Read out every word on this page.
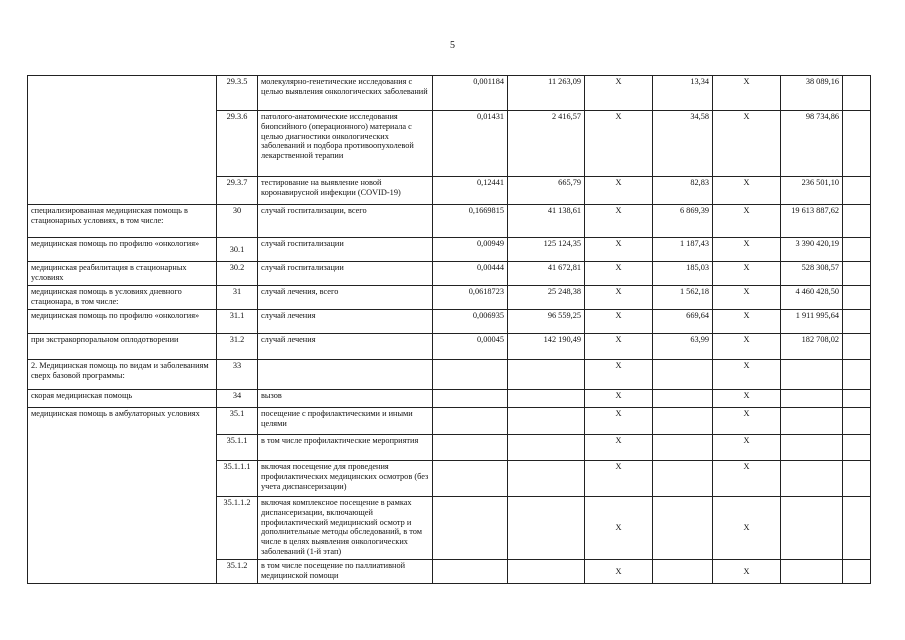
5
	29.3.5	молекулярно-генетические исследования с целью выявления онкологических заболеваний	0,001184	11 263,09	Х	13,34	Х	38 089,16	
	29.3.6	патолого-анатомические исследования биопсийного (операционного) материала с целью диагностики онкологических заболеваний и подбора противоопухолевой лекарственной терапии	0,01431	2 416,57	Х	34,58	Х	98 734,86	
	29.3.7	тестирование на выявление новой коронавирусной инфекции (COVID-19)	0,12441	665,79	Х	82,83	Х	236 501,10	
специализированная медицинская помощь в стационарных условиях, в том числе:	30	случай госпитализации, всего	0,1669815	41 138,61	Х	6 869,39	Х	19 613 887,62	
медицинская помощь по профилю «онкология»	30.1	случай госпитализации	0,00949	125 124,35	Х	1 187,43	Х	3 390 420,19	
медицинская реабилитация в стационарных условиях	30.2	случай госпитализации	0,00444	41 672,81	Х	185,03	Х	528 308,57	
медицинская помощь в условиях дневного стационара, в том числе:	31	случай лечения, всего	0,0618723	25 248,38	Х	1 562,18	Х	4 460 428,50	
медицинская помощь по профилю «онкология»	31.1	случай лечения	0,006935	96 559,25	Х	669,64	Х	1 911 995,64	
при экстракорпоральном оплодотворении	31.2	случай лечения	0,00045	142 190,49	Х	63,99	Х	182 708,02	
2. Медицинская помощь по видам и заболеваниям сверх базовой программы:	33				Х		Х		
скорая медицинская помощь	34	вызов			Х		Х		
медицинская помощь в амбулаторных условиях	35.1	посещение с профилактическими и иными целями			Х		Х		
	35.1.1	в том числе профилактические мероприятия			Х		Х		
	35.1.1.1	включая посещение для проведения профилактических медицинских осмотров (без учета диспансеризации)			Х		Х		
	35.1.1.2	включая комплексное посещение в рамках диспансеризации, включающей профилактический медицинский осмотр и дополнительные методы обследований, в том числе в целях выявления онкологических заболеваний (1-й этап)			Х		Х		
	35.1.2	в том числе посещение по паллиативной медицинской помощи			Х		Х		
